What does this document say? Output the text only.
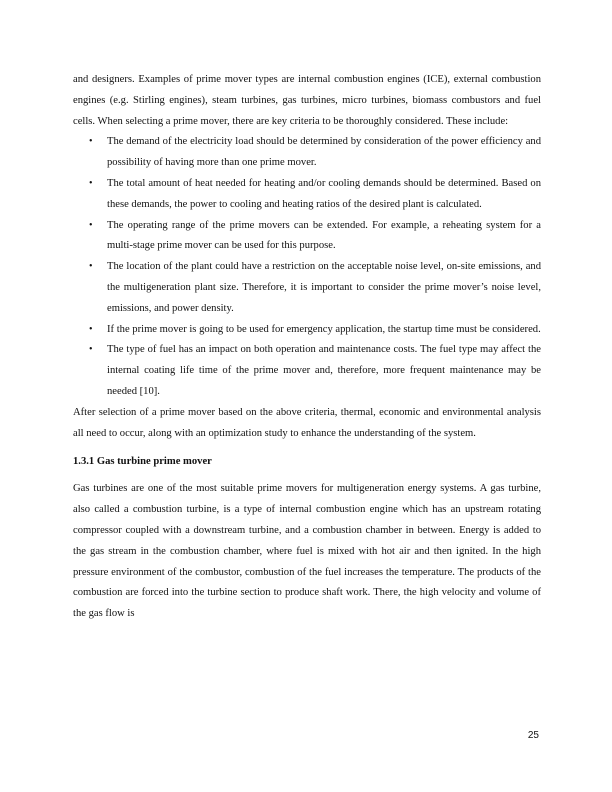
and designers. Examples of prime mover types are internal combustion engines (ICE), external combustion engines (e.g. Stirling engines), steam turbines, gas turbines, micro turbines, biomass combustors and fuel cells. When selecting a prime mover, there are key criteria to be thoroughly considered. These include:

• The demand of the electricity load should be determined by consideration of the power efficiency and possibility of having more than one prime mover.
• The total amount of heat needed for heating and/or cooling demands should be determined. Based on these demands, the power to cooling and heating ratios of the desired plant is calculated.
• The operating range of the prime movers can be extended. For example, a reheating system for a multi-stage prime mover can be used for this purpose.
• The location of the plant could have a restriction on the acceptable noise level, on-site emissions, and the multigeneration plant size. Therefore, it is important to consider the prime mover’s noise level, emissions, and power density.
• If the prime mover is going to be used for emergency application, the startup time must be considered.
• The type of fuel has an impact on both operation and maintenance costs. The fuel type may affect the internal coating life time of the prime mover and, therefore, more frequent maintenance may be needed [10].

After selection of a prime mover based on the above criteria, thermal, economic and environmental analysis all need to occur, along with an optimization study to enhance the understanding of the system.

1.3.1 Gas turbine prime mover

Gas turbines are one of the most suitable prime movers for multigeneration energy systems. A gas turbine, also called a combustion turbine, is a type of internal combustion engine which has an upstream rotating compressor coupled with a downstream turbine, and a combustion chamber in between. Energy is added to the gas stream in the combustion chamber, where fuel is mixed with hot air and then ignited. In the high pressure environment of the combustor, combustion of the fuel increases the temperature. The products of the combustion are forced into the turbine section to produce shaft work. There, the high velocity and volume of the gas flow is

25
